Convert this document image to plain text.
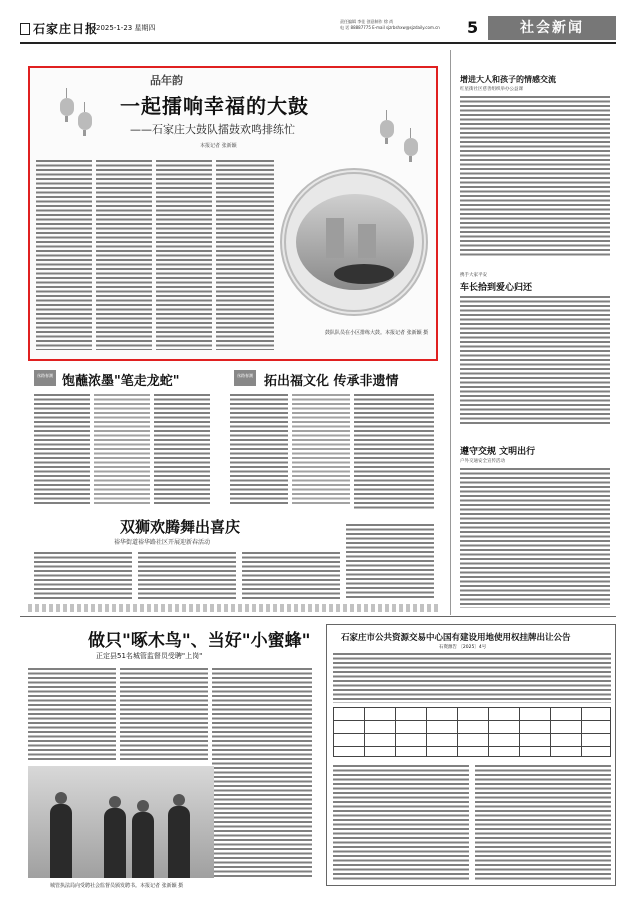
石家庄日报
2025-1-23 星期四
责任编辑 李佳 创意制作 徐 尚
电 话 88887775 E-mail sjzrbshxw@sjzdaily.com.cn	5	社会新闻
品年韵
一起擂响幸福的大鼓
——石家庄大鼓队擂鼓欢鸣排练忙
本报记者 张新颖
鼓队队员在小区排练大鼓。本报记者 张新颖 摄
丝路春潮 饱蘸浓墨"笔走龙蛇"	丝路春潮 拓出福文化 传承非遗情
双狮欢腾舞出喜庆
裕华街道裕华路社区开展迎新春活动
增进大人和孩子的情感交流
红星街社区慈善组织举办公益课
携手大家平安
车长拾到爱心归还
遵守交规 文明出行
户外交通安全宣传活动
做只"啄木鸟"、当好"小蜜蜂"
正定县51名城管监督员受聘"上岗"
城管执法局向受聘社会监督员颁发聘书。本报记者 张新颖 摄
石家庄市公共资源交易中心国有建设用地使用权挂牌出让公告
石资源告 〔2025〕4号
